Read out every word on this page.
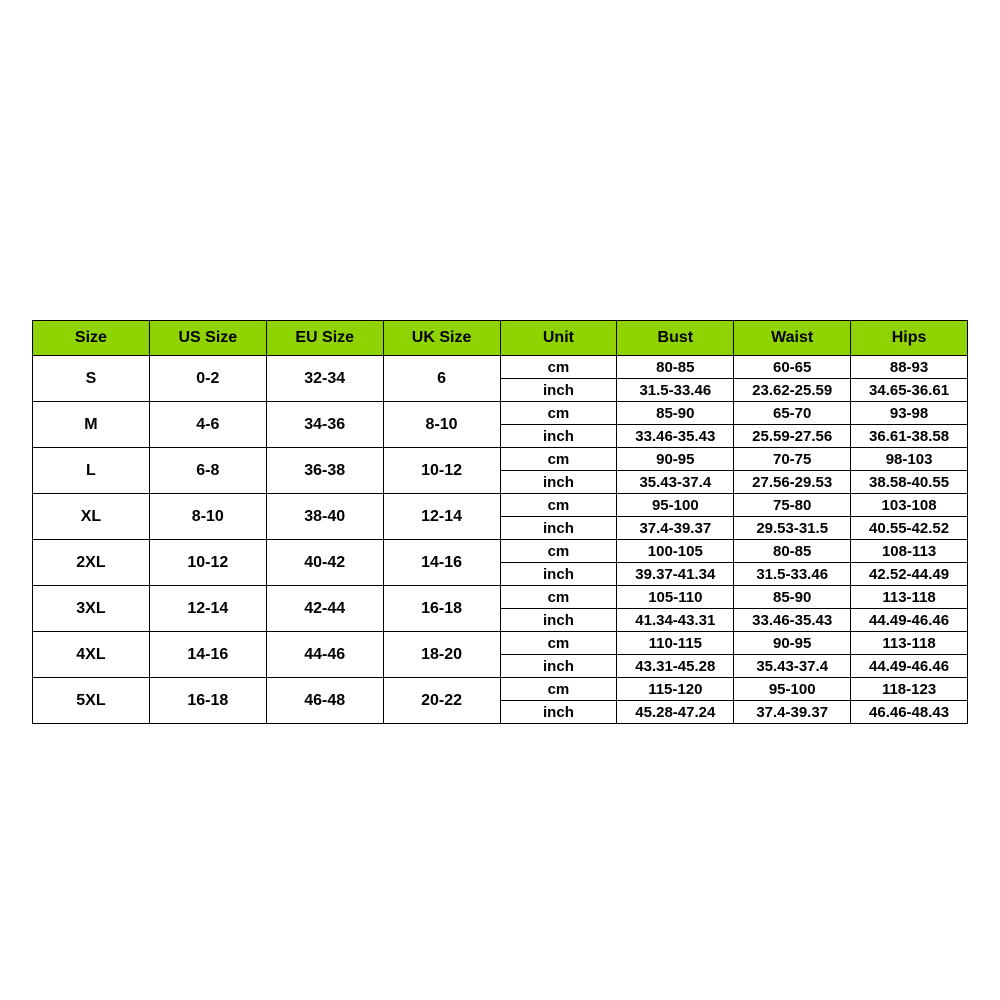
Size	US Size	EU Size	UK Size	Unit	Bust	Waist	Hips
S	0-2	32-34	6	cm	80-85	60-65	88-93
				inch	31.5-33.46	23.62-25.59	34.65-36.61
M	4-6	34-36	8-10	cm	85-90	65-70	93-98
				inch	33.46-35.43	25.59-27.56	36.61-38.58
L	6-8	36-38	10-12	cm	90-95	70-75	98-103
				inch	35.43-37.4	27.56-29.53	38.58-40.55
XL	8-10	38-40	12-14	cm	95-100	75-80	103-108
				inch	37.4-39.37	29.53-31.5	40.55-42.52
2XL	10-12	40-42	14-16	cm	100-105	80-85	108-113
				inch	39.37-41.34	31.5-33.46	42.52-44.49
3XL	12-14	42-44	16-18	cm	105-110	85-90	113-118
				inch	41.34-43.31	33.46-35.43	44.49-46.46
4XL	14-16	44-46	18-20	cm	110-115	90-95	113-118
				inch	43.31-45.28	35.43-37.4	44.49-46.46
5XL	16-18	46-48	20-22	cm	115-120	95-100	118-123
				inch	45.28-47.24	37.4-39.37	46.46-48.43
